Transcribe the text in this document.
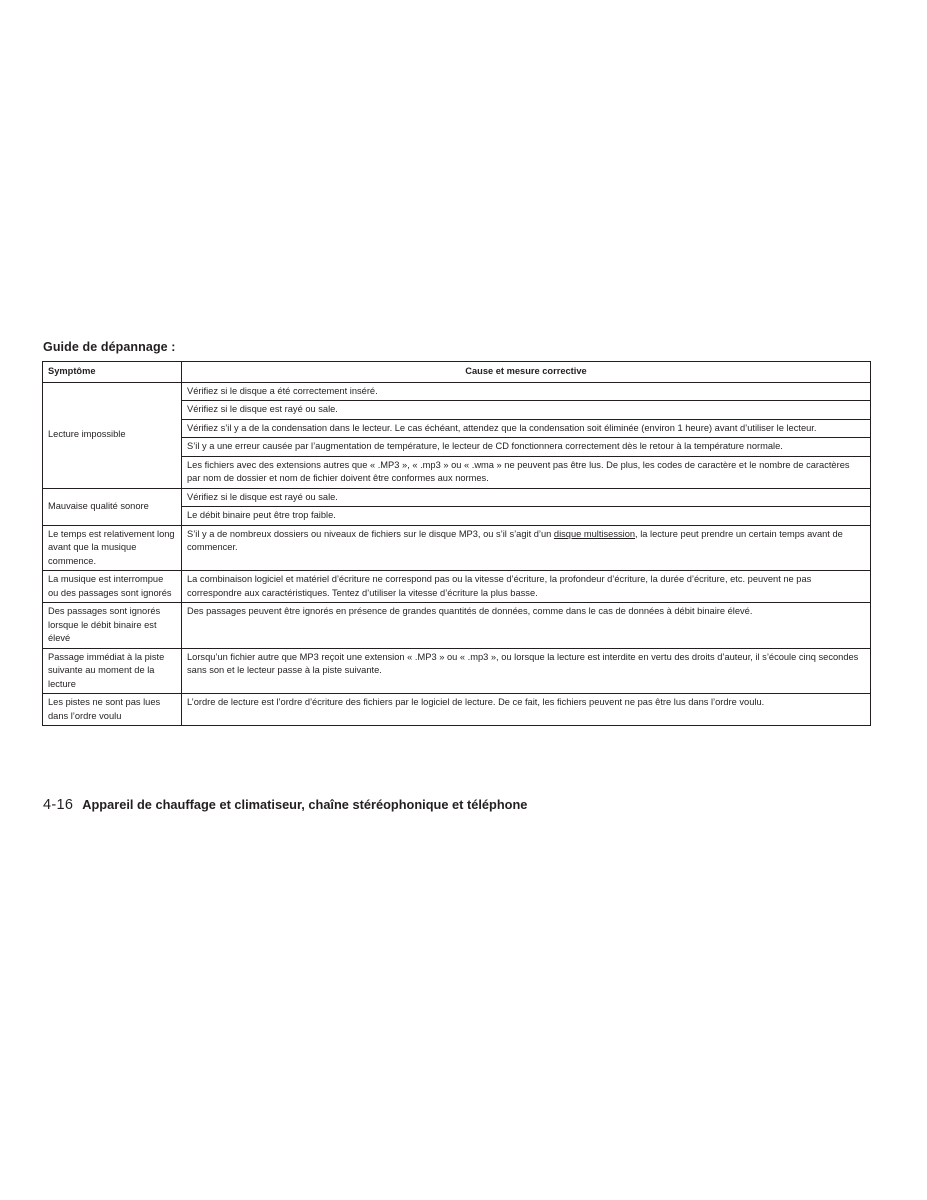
Guide de dépannage :
Symptôme	Cause et mesure corrective
Lecture impossible	Vérifiez si le disque a été correctement inséré.
	Vérifiez si le disque est rayé ou sale.
	Vérifiez s’il y a de la condensation dans le lecteur. Le cas échéant, attendez que la condensation soit éliminée (environ 1 heure) avant d’utiliser le lecteur.
	S’il y a une erreur causée par l’augmentation de température, le lecteur de CD fonctionnera correctement dès le retour à la température normale.
	Les fichiers avec des extensions autres que « .MP3 », « .mp3 » ou « .wma » ne peuvent pas être lus. De plus, les codes de caractère et le nombre de caractères par nom de dossier et nom de fichier doivent être conformes aux normes.
Mauvaise qualité sonore	Vérifiez si le disque est rayé ou sale.
	Le débit binaire peut être trop faible.
Le temps est relativement long avant que la musique commence.	S’il y a de nombreux dossiers ou niveaux de fichiers sur le disque MP3, ou s’il s’agit d’un disque multisession, la lecture peut prendre un certain temps avant de commencer.
La musique est interrompue ou des passages sont ignorés	La combinaison logiciel et matériel d’écriture ne correspond pas ou la vitesse d’écriture, la profondeur d’écriture, la durée d’écriture, etc. peuvent ne pas correspondre aux caractéristiques. Tentez d’utiliser la vitesse d’écriture la plus basse.
Des passages sont ignorés lorsque le débit binaire est élevé	Des passages peuvent être ignorés en présence de grandes quantités de données, comme dans le cas de données à débit binaire élevé.
Passage immédiat à la piste suivante au moment de la lecture	Lorsqu’un fichier autre que MP3 reçoit une extension « .MP3 » ou « .mp3 », ou lorsque la lecture est interdite en vertu des droits d’auteur, il s’écoule cinq secondes sans son et le lecteur passe à la piste suivante.
Les pistes ne sont pas lues dans l’ordre voulu	L’ordre de lecture est l’ordre d’écriture des fichiers par le logiciel de lecture. De ce fait, les fichiers peuvent ne pas être lus dans l’ordre voulu.
4-16 Appareil de chauffage et climatiseur, chaîne stéréophonique et téléphone
